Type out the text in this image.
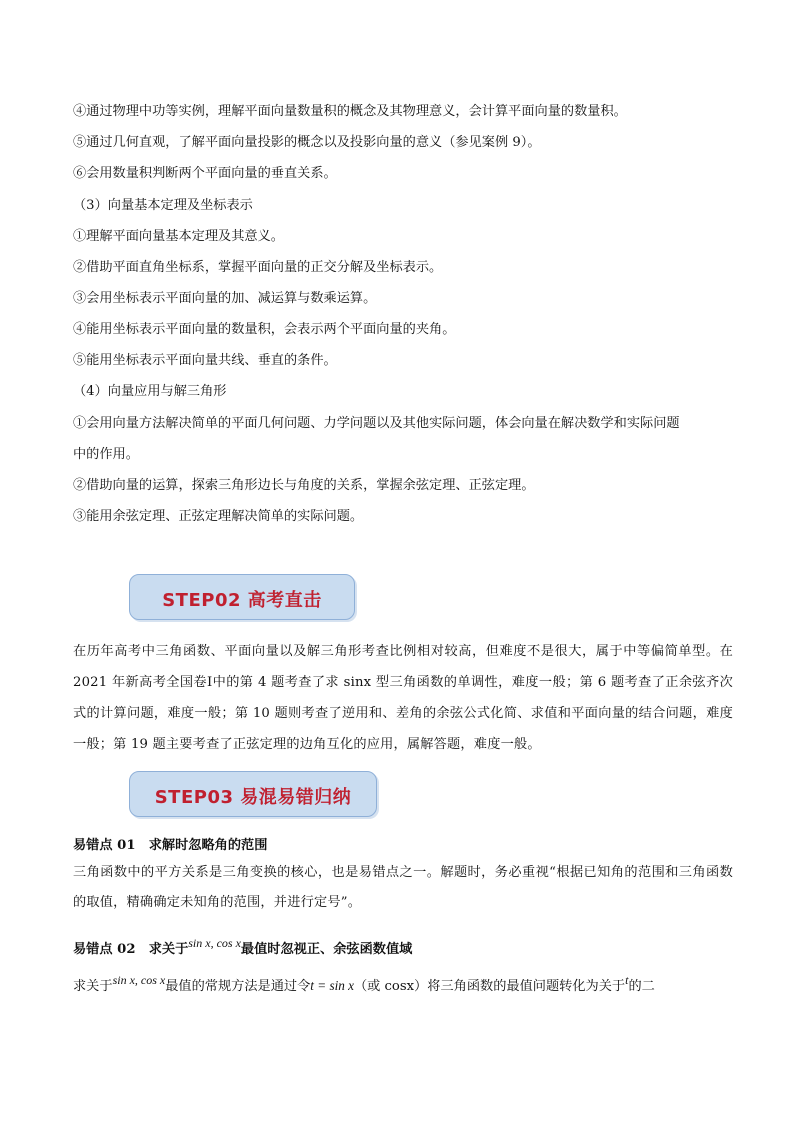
④通过物理中功等实例，理解平面向量数量积的概念及其物理意义，会计算平面向量的数量积。
⑤通过几何直观，了解平面向量投影的概念以及投影向量的意义（参见案例 9）。
⑥会用数量积判断两个平面向量的垂直关系。
（3）向量基本定理及坐标表示
①理解平面向量基本定理及其意义。
②借助平面直角坐标系，掌握平面向量的正交分解及坐标表示。
③会用坐标表示平面向量的加、减运算与数乘运算。
④能用坐标表示平面向量的数量积，会表示两个平面向量的夹角。
⑤能用坐标表示平面向量共线、垂直的条件。
（4）向量应用与解三角形
①会用向量方法解决简单的平面几何问题、力学问题以及其他实际问题，体会向量在解决数学和实际问题
中的作用。
②借助向量的运算，探索三角形边长与角度的关系，掌握余弦定理、正弦定理。
③能用余弦定理、正弦定理解决简单的实际问题。
STEP02 高考直击
在历年高考中三角函数、平面向量以及解三角形考查比例相对较高，但难度不是很大，属于中等偏简单型。在 2021 年新高考全国卷Ⅰ中的第 4 题考查了求 sinx 型三角函数的单调性，难度一般；第 6 题考查了正余弦齐次式的计算问题，难度一般；第 10 题则考查了逆用和、差角的余弦公式化简、求值和平面向量的结合问题，难度一般；第 19 题主要考查了正弦定理的边角互化的应用，属解答题，难度一般。
STEP03 易混易错归纳
易错点 01　求解时忽略角的范围
三角函数中的平方关系是三角变换的核心，也是易错点之一。解题时，务必重视“根据已知角的范围和三角函数的取值，精确确定未知角的范围，并进行定号”。
易错点 02　求关于sin x, cos x最值时忽视正、余弦函数值域
求关于sin x, cos x最值的常规方法是通过令t = sin x（或 cosx）将三角函数的最值问题转化为关于t的二
